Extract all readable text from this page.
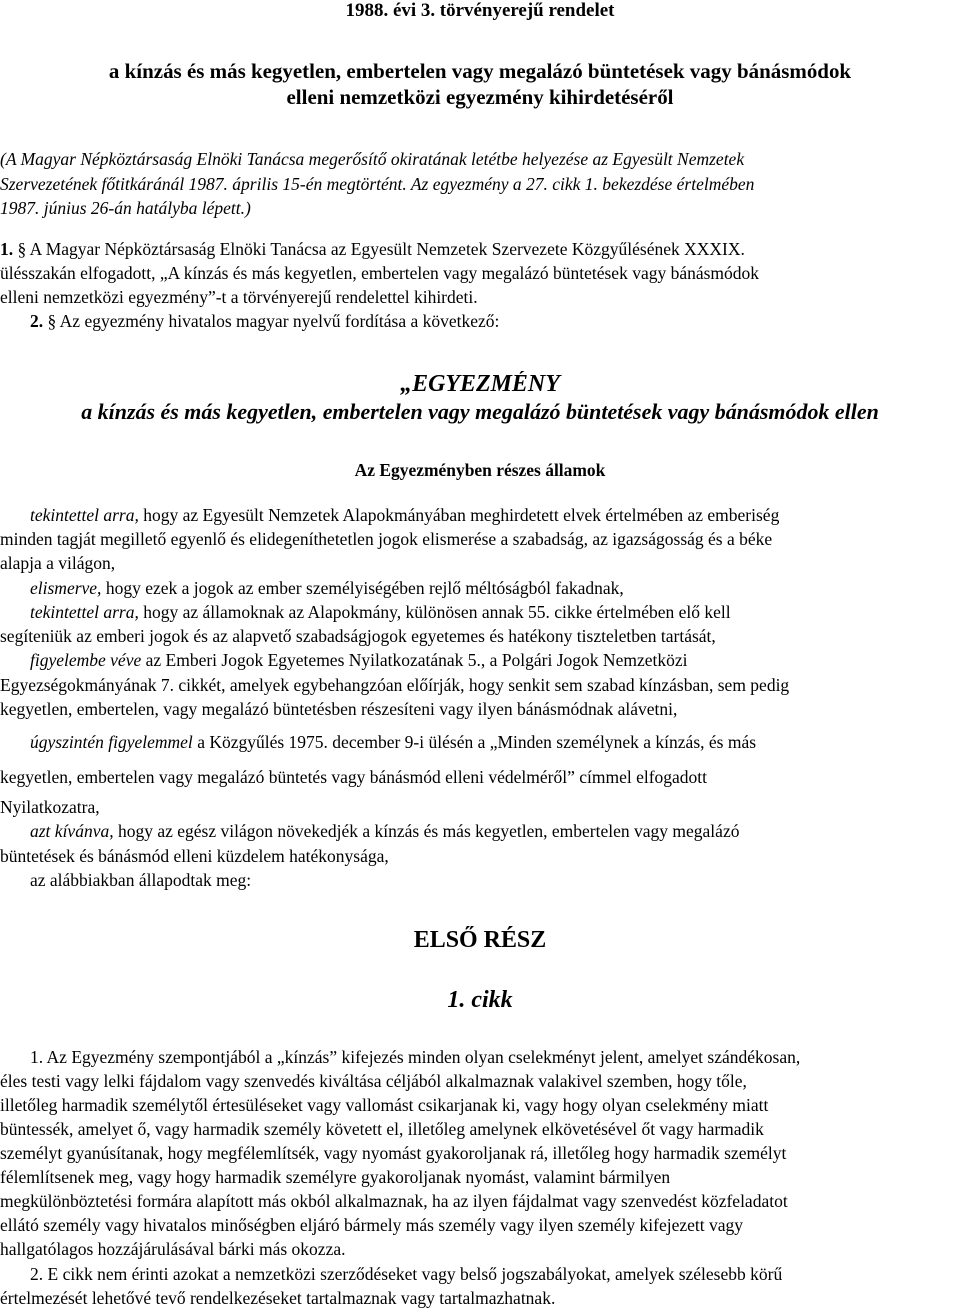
1988. évi 3. törvényerejű rendelet
a kínzás és más kegyetlen, embertelen vagy megalázó büntetések vagy bánásmódok
elleni nemzetközi egyezmény kihirdetéséről
(A Magyar Népköztársaság Elnöki Tanácsa megerősítő okiratának letétbe helyezése az Egyesült Nemzetek
Szervezetének főtitkáránál 1987. április 15-én megtörtént. Az egyezmény a 27. cikk 1. bekezdése értelmében
1987. június 26-án hatályba lépett.)
1. § A Magyar Népköztársaság Elnöki Tanácsa az Egyesült Nemzetek Szervezete Közgyűlésének XXXIX.
ülésszakán elfogadott, „A kínzás és más kegyetlen, embertelen vagy megalázó büntetések vagy bánásmódok
elleni nemzetközi egyezmény”-t a törvényerejű rendelettel kihirdeti.
2. § Az egyezmény hivatalos magyar nyelvű fordítása a következő:
„EGYEZMÉNY
a kínzás és más kegyetlen, embertelen vagy megalázó büntetések vagy bánásmódok ellen
Az Egyezményben részes államok
tekintettel arra, hogy az Egyesült Nemzetek Alapokmányában meghirdetett elvek értelmében az emberiség
minden tagját megillető egyenlő és elidegeníthetetlen jogok elismerése a szabadság, az igazságosság és a béke
alapja a világon,
elismerve, hogy ezek a jogok az ember személyiségében rejlő méltóságból fakadnak,
tekintettel arra, hogy az államoknak az Alapokmány, különösen annak 55. cikke értelmében elő kell
segíteniük az emberi jogok és az alapvető szabadságjogok egyetemes és hatékony tiszteletben tartását,
figyelembe véve az Emberi Jogok Egyetemes Nyilatkozatának 5., a Polgári Jogok Nemzetközi
Egyezségokmányának 7. cikkét, amelyek egybehangzóan előírják, hogy senkit sem szabad kínzásban, sem pedig
kegyetlen, embertelen, vagy megalázó büntetésben részesíteni vagy ilyen bánásmódnak alávetni,
úgyszintén figyelemmel a Közgyűlés 1975. december 9-i ülésén a „Minden személynek a kínzás, és más
kegyetlen, embertelen vagy megalázó büntetés vagy bánásmód elleni védelméről” címmel elfogadott
Nyilatkozatra,
azt kívánva, hogy az egész világon növekedjék a kínzás és más kegyetlen, embertelen vagy megalázó
büntetések és bánásmód elleni küzdelem hatékonysága,
az alábbiakban állapodtak meg:
ELSŐ RÉSZ
1. cikk
1. Az Egyezmény szempontjából a „kínzás” kifejezés minden olyan cselekményt jelent, amelyet szándékosan,
éles testi vagy lelki fájdalom vagy szenvedés kiváltása céljából alkalmaznak valakivel szemben, hogy tőle,
illetőleg harmadik személytől értesüléseket vagy vallomást csikarjanak ki, vagy hogy olyan cselekmény miatt
büntessék, amelyet ő, vagy harmadik személy követett el, illetőleg amelynek elkövetésével őt vagy harmadik
személyt gyanúsítanak, hogy megfélemlítsék, vagy nyomást gyakoroljanak rá, illetőleg hogy harmadik személyt
félemlítsenek meg, vagy hogy harmadik személyre gyakoroljanak nyomást, valamint bármilyen
megkülönböztetési formára alapított más okból alkalmaznak, ha az ilyen fájdalmat vagy szenvedést közfeladatot
ellátó személy vagy hivatalos minőségben eljáró bármely más személy vagy ilyen személy kifejezett vagy
hallgatólagos hozzájárulásával bárki más okozza.
2. E cikk nem érinti azokat a nemzetközi szerződéseket vagy belső jogszabályokat, amelyek szélesebb körű
értelmezését lehetővé tevő rendelkezéseket tartalmaznak vagy tartalmazhatnak.
